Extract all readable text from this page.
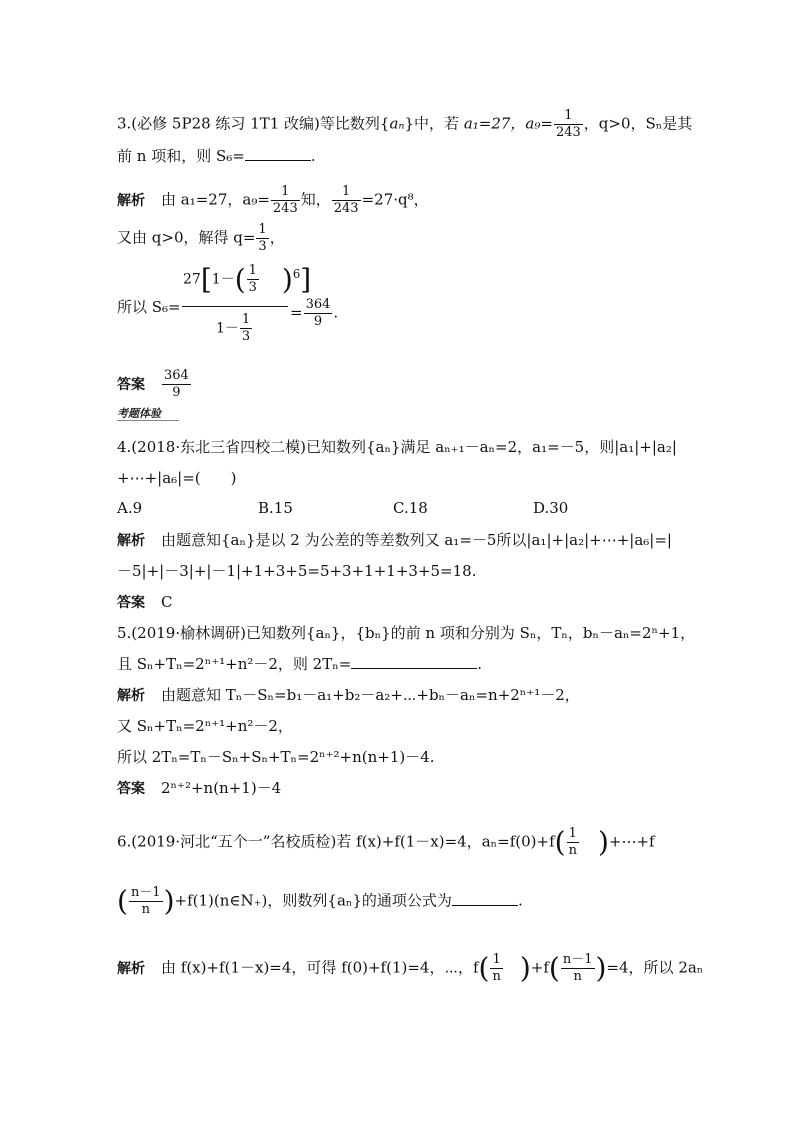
3.(必修 5P28 练习 1T1 改编)等比数列{aₙ}中，若 a₁=27，$a_9= \frac{1}{243}$ ，q>0，Sₙ是其
前 n 项和，则 S₆=	.
解析 由 a₁=27，$a_9= \frac{1}{243}$ 知， $\frac{1}{243} =27\cdot q^8$，
又由 q>0，解得 $q= \frac{1}{3}$ ，
所以 S₆=
$27[1-( \frac{1}{3} )^6]$
$1- \frac{1}{3}$	= $\frac{364}{9}$ .
答案 $\frac{364}{9}$
考题体验
4.(2018·东北三省四校二模)已知数列{aₙ}满足 aₙ₊₁－aₙ=2，a₁=－5，则|a₁|+|a₂|
+⋯+|a₆|=(　　)
A.9	B.15	C.18	D.30
解析 由题意知{aₙ}是以 2 为公差的等差数列又 a₁=－5所以|a₁|+|a₂|+⋯+|a₆|=|
－5|+|－3|+|－1|+1+3+5=5+3+1+1+3+5=18.
答案 C
5.(2019·榆林调研)已知数列{aₙ}，{bₙ}的前 n 项和分别为 Sₙ，Tₙ，bₙ－aₙ=2ⁿ+1，
且 Sₙ+Tₙ=2ⁿ⁺¹+n²－2，则 2Tₙ=	.
解析 由题意知 Tₙ－Sₙ=b₁－a₁+b₂－a₂+⋯+bₙ－aₙ=n+2ⁿ⁺¹－2，
又 Sₙ+Tₙ=2ⁿ⁺¹+n²－2，
所以 2Tₙ=Tₙ－Sₙ+Sₙ+Tₙ=2ⁿ⁺²+n(n+1)－4.
答案 2ⁿ⁺²+n(n+1)－4
6.(2019·河北“五个一”名校质检)若 f(x)+f(1－x)=4，$a_n=f(0)+f( \frac{1}{n}$ )+⋯+f
( $\frac{n-1}{n}$ )+f(1)(n∈N₊)，则数列{aₙ}的通项公式为	.
解析 由 f(x)+f(1－x)=4，可得 f(0)+f(1)=4，⋯，$f( \frac{1}{n} )+f( \frac{n-1}{n} )=4$，所以 2aₙ
